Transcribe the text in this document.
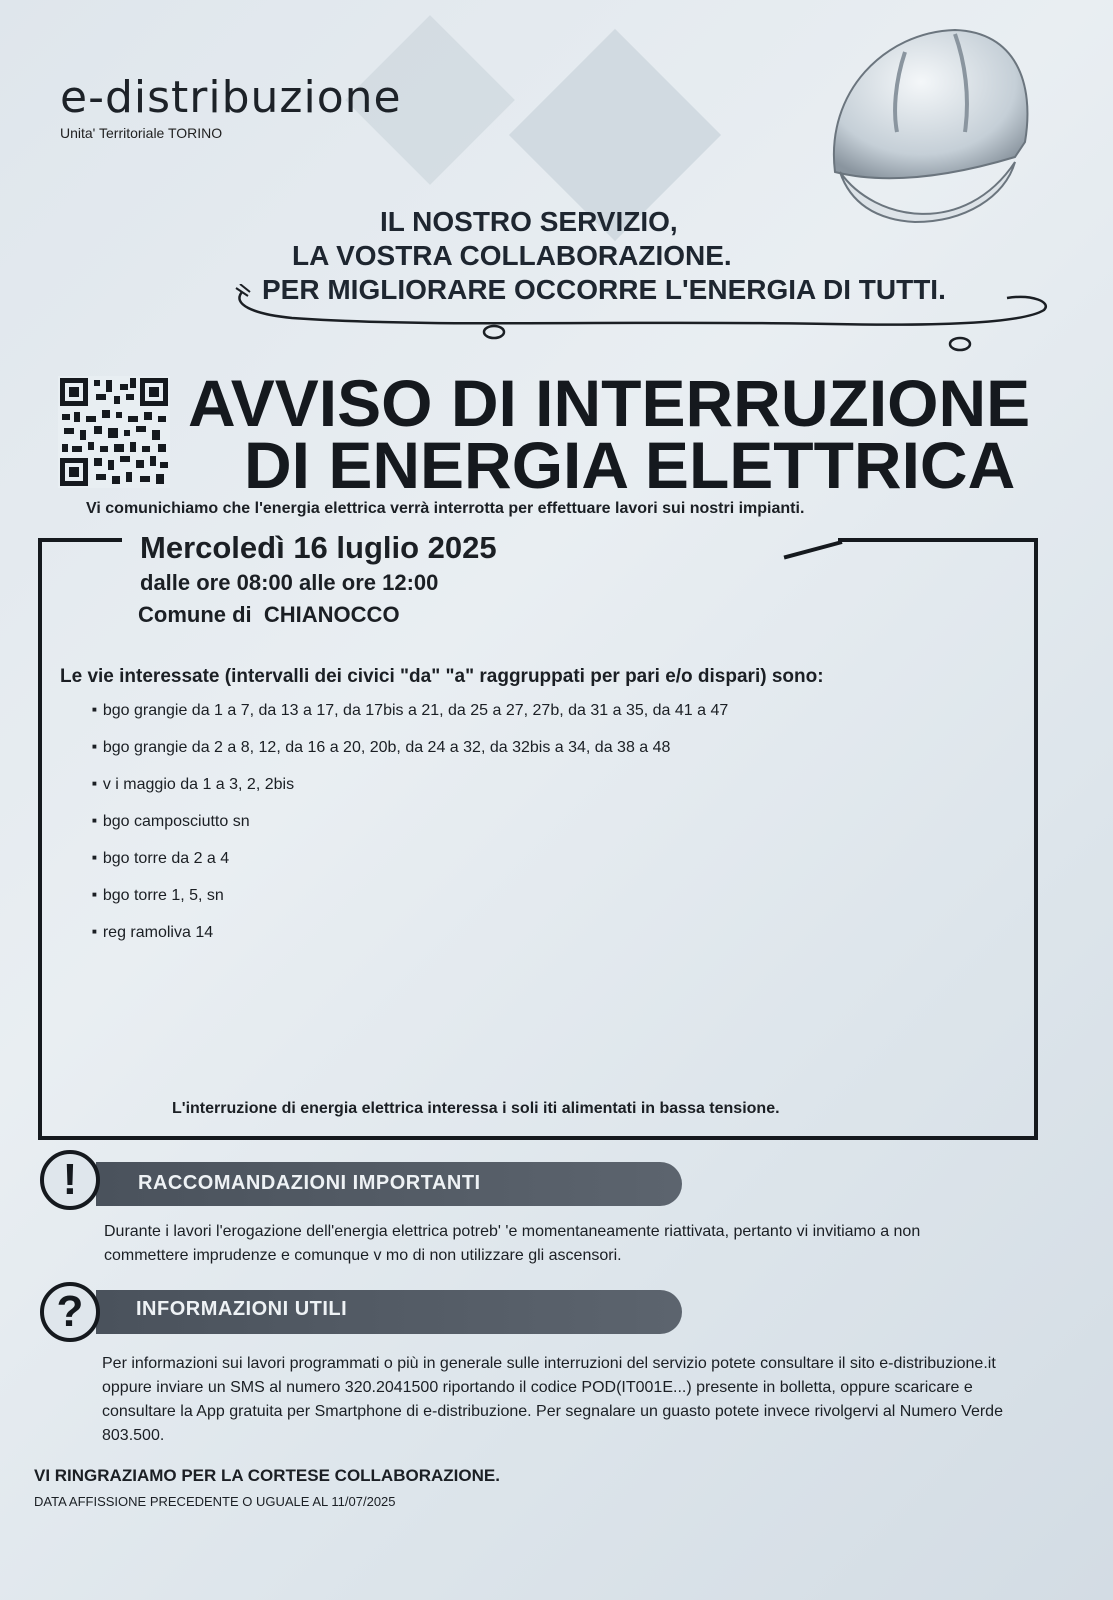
e-distribuzione
Unita' Territoriale TORINO
IL NOSTRO SERVIZIO,
LA VOSTRA COLLABORAZIONE.
PER MIGLIORARE OCCORRE L'ENERGIA DI TUTTI.
AVVISO DI INTERRUZIONE
DI ENERGIA ELETTRICA
Vi comunichiamo che l'energia elettrica verrà interrotta per effettuare lavori sui nostri impianti.
Mercoledì 16 luglio 2025
dalle ore 08:00 alle ore 12:00
Comune di  CHIANOCCO
Le vie interessate (intervalli dei civici "da" "a" raggruppati per pari e/o dispari) sono:
■ bgo grangie da 1 a 7, da 13 a 17, da 17bis a 21, da 25 a 27, 27b, da 31 a 35, da 41 a 47
■ bgo grangie da 2 a 8, 12, da 16 a 20, 20b, da 24 a 32, da 32bis a 34, da 38 a 48
■ v i maggio da 1 a 3, 2, 2bis
■ bgo camposciutto sn
■ bgo torre da 2 a 4
■ bgo torre 1, 5, sn
■ reg ramoliva 14
L'interruzione di energia elettrica interessa i soli iti alimentati in bassa tensione.
!	RACCOMANDAZIONI IMPORTANTI
Durante i lavori l'erogazione dell'energia elettrica potreb' 'e momentaneamente riattivata, pertanto vi invitiamo a non commettere imprudenze e comunque v mo di non utilizzare gli ascensori.
?	INFORMAZIONI UTILI
Per informazioni sui lavori programmati o più in generale sulle interruzioni del servizio potete consultare il sito e-distribuzione.it oppure inviare un SMS al numero 320.2041500 riportando il codice POD(IT001E...) presente in bolletta, oppure scaricare e consultare la App gratuita per Smartphone di e-distribuzione. Per segnalare un guasto potete invece rivolgervi al Numero Verde 803.500.
VI RINGRAZIAMO PER LA CORTESE COLLABORAZIONE.
DATA AFFISSIONE PRECEDENTE O UGUALE AL 11/07/2025
